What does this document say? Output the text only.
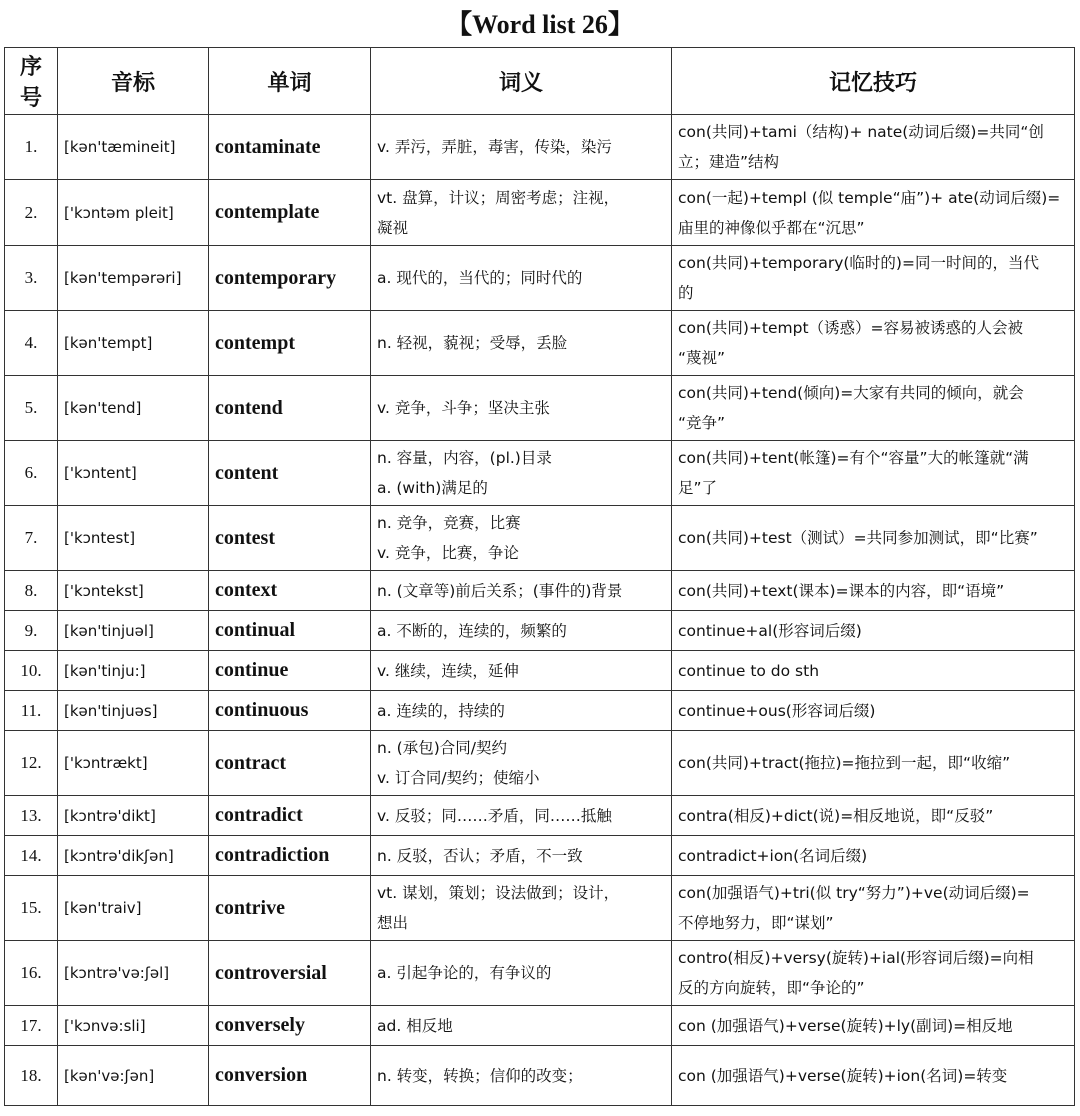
【Word list 26】
序号	音标	单词	词义	记忆技巧
1.	[kən'tæmineit]	contaminate	v. 弄污，弄脏，毒害，传染，染污	con(共同)+tami（结构)+ nate(动词后缀)=共同“创
立；建造”结构

2.	['kɔntəm pleit]	contemplate	vt. 盘算，计议；周密考虑；注视，
凝视	con(一起)+templ (似 temple“庙”)+ ate(动词后缀)=
庙里的神像似乎都在“沉思”

3.	[kən'tempərəri]	contemporary	a. 现代的，当代的；同时代的	con(共同)+temporary(临时的)=同一时间的，当代
的

4.	[kən'tempt]	contempt	n. 轻视，藐视；受辱，丢脸	con(共同)+tempt（诱惑）=容易被诱惑的人会被
“蔑视”

5.	[kən'tend]	contend	v. 竞争，斗争；坚决主张	con(共同)+tend(倾向)=大家有共同的倾向，就会
“竞争”

6.	['kɔntent]	content	n. 容量，内容，(pl.)目录
a. (with)满足的	con(共同)+tent(帐篷)=有个“容量”大的帐篷就“满
足”了

7.	['kɔntest]	contest	n. 竞争，竞赛，比赛
v. 竞争，比赛，争论	con(共同)+test（测试）=共同参加测试，即“比赛”

8.	['kɔntekst]	context	n. (文章等)前后关系；(事件的)背景	con(共同)+text(课本)=课本的内容，即“语境”

9.	[kən'tinjuəl]	continual	a. 不断的，连续的，频繁的	continue+al(形容词后缀)

10.	[kən'tinju:]	continue	v. 继续，连续，延伸	continue to do sth

11.	[kən'tinjuəs]	continuous	a. 连续的，持续的	continue+ous(形容词后缀)

12.	['kɔntrækt]	contract	n. (承包)合同/契约
v. 订合同/契约；使缩小	con(共同)+tract(拖拉)=拖拉到一起，即“收缩”

13.	[kɔntrə'dikt]	contradict	v. 反驳；同……矛盾，同……抵触	contra(相反)+dict(说)=相反地说，即“反驳”

14.	[kɔntrə'dikʃən]	contradiction	n. 反驳，否认；矛盾，不一致	contradict+ion(名词后缀)

15.	[kən'traiv]	contrive	vt. 谋划，策划；设法做到；设计，
想出	con(加强语气)+tri(似 try“努力”)+ve(动词后缀)=
不停地努力，即“谋划”

16.	[kɔntrə'və:ʃəl]	controversial	a. 引起争论的，有争议的	contro(相反)+versy(旋转)+ial(形容词后缀)=向相
反的方向旋转，即“争论的”

17.	['kɔnvə:sli]	conversely	ad. 相反地	con (加强语气)+verse(旋转)+ly(副词)=相反地

18.	[kən'və:ʃən]	conversion	n. 转变，转换；信仰的改变；	con (加强语气)+verse(旋转)+ion(名词)=转变
